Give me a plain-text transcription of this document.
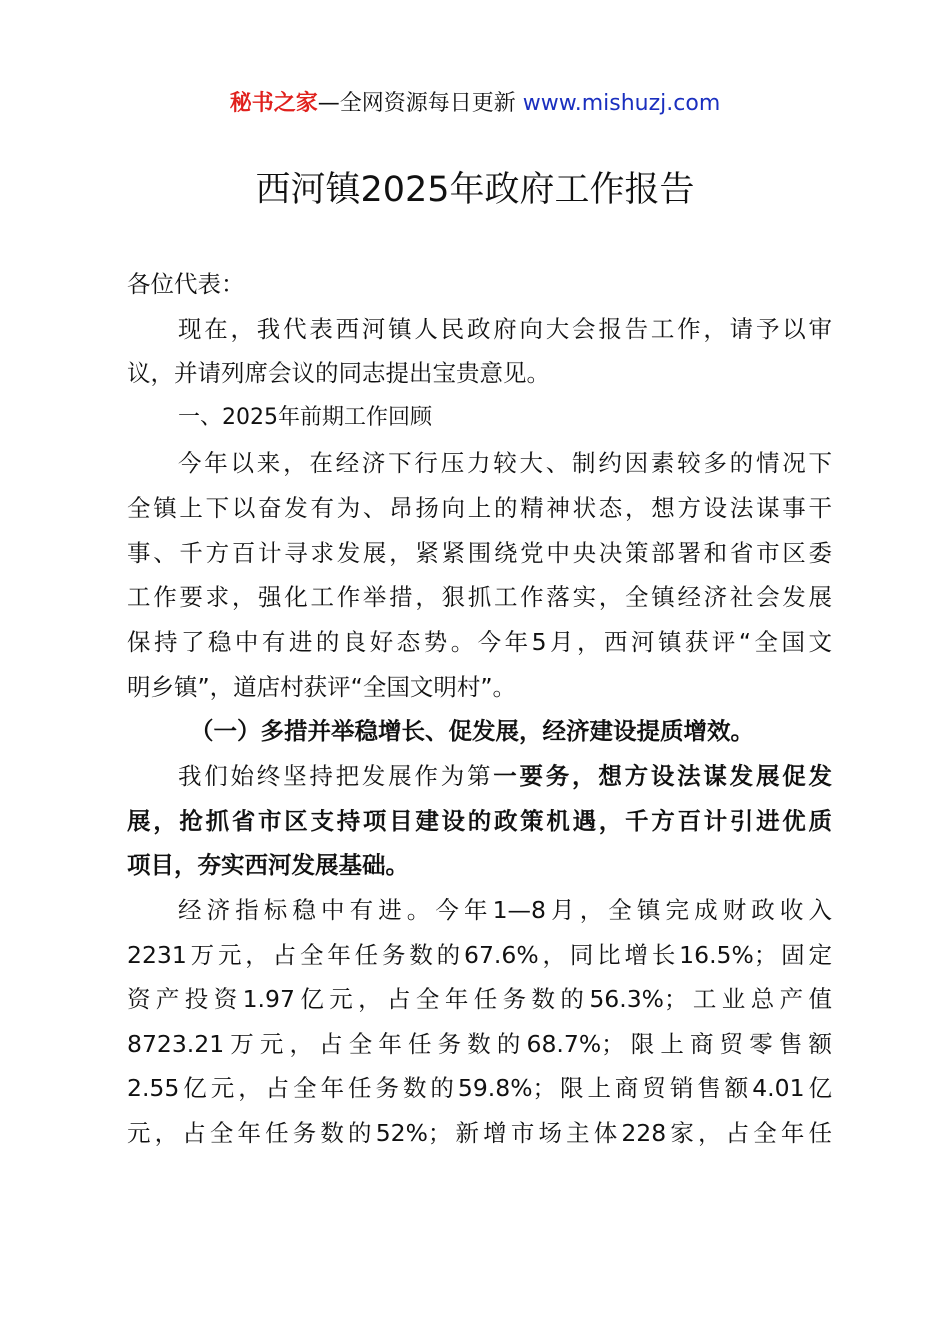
秘书之家—全网资源每日更新 www.mishuzj.com
西河镇2025年政府工作报告
各位代表：
现在，我代表西河镇人民政府向大会报告工作，请予以审
议，并请列席会议的同志提出宝贵意见。
一、2025年前期工作回顾
今年以来，在经济下行压力较大、制约因素较多的情况下
全镇上下以奋发有为、昂扬向上的精神状态，想方设法谋事干
事、千方百计寻求发展，紧紧围绕党中央决策部署和省市区委
工作要求，强化工作举措，狠抓工作落实，全镇经济社会发展
保持了稳中有进的良好态势。今年5月，西河镇获评“全国文
明乡镇”，道店村获评“全国文明村”。
（一）多措并举稳增长、促发展，经济建设提质增效。
我们始终坚持把发展作为第一要务，想方设法谋发展促发
展，抢抓省市区支持项目建设的政策机遇，千方百计引进优质
项目，夯实西河发展基础。
经济指标稳中有进。今年1—8月，全镇完成财政收入
2231万元，占全年任务数的67.6%，同比增长16.5%；固定
资产投资1.97亿元，占全年任务数的56.3%；工业总产值
8723.21万元，占全年任务数的68.7%；限上商贸零售额
2.55亿元，占全年任务数的59.8%；限上商贸销售额4.01亿
元，占全年任务数的52%；新增市场主体228家，占全年任
